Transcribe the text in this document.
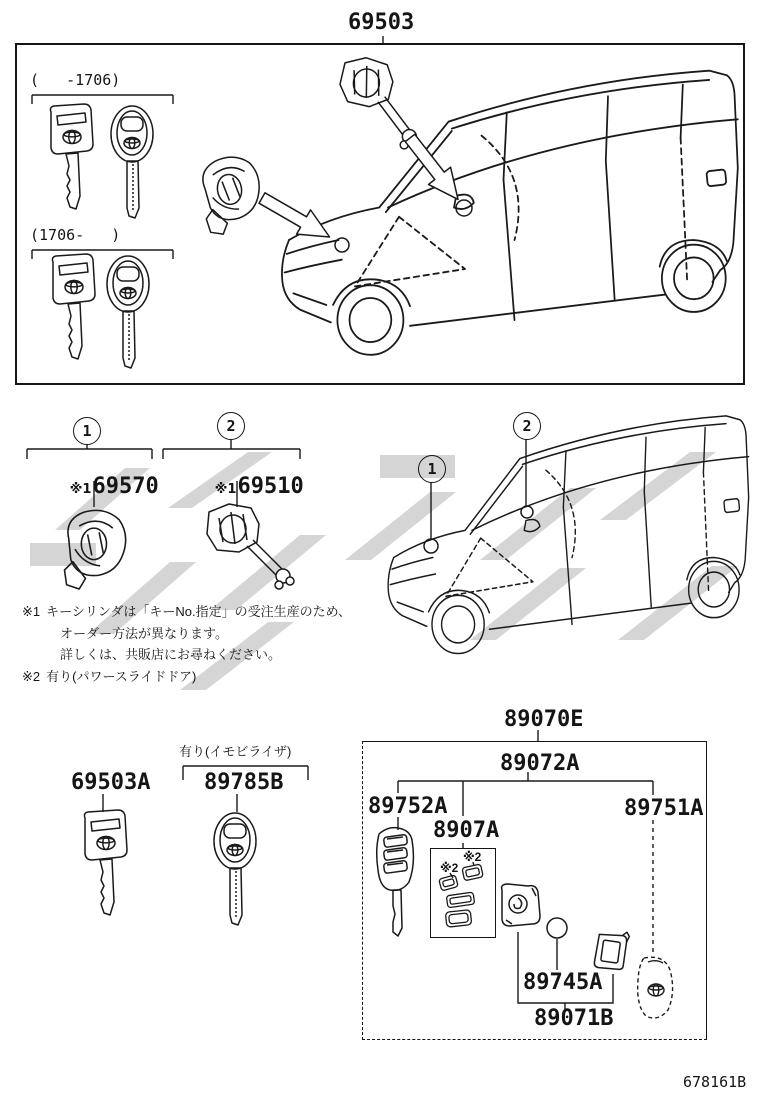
69503
(   -1706)
(1706-   )
1	2
1
2

※169570
	※169510

※1 キーシリンダは「キーNo.指定」の受注生産のため、
オーダー方法が異なります。
詳しくは、共販店にお尋ねください。
※2 有り(パワースライドドア)
69503A
有り(イモビライザ)
89785B
89070E
89072A
89752A
8907A
89751A
※2
※2
89745A
89071B
678161B
